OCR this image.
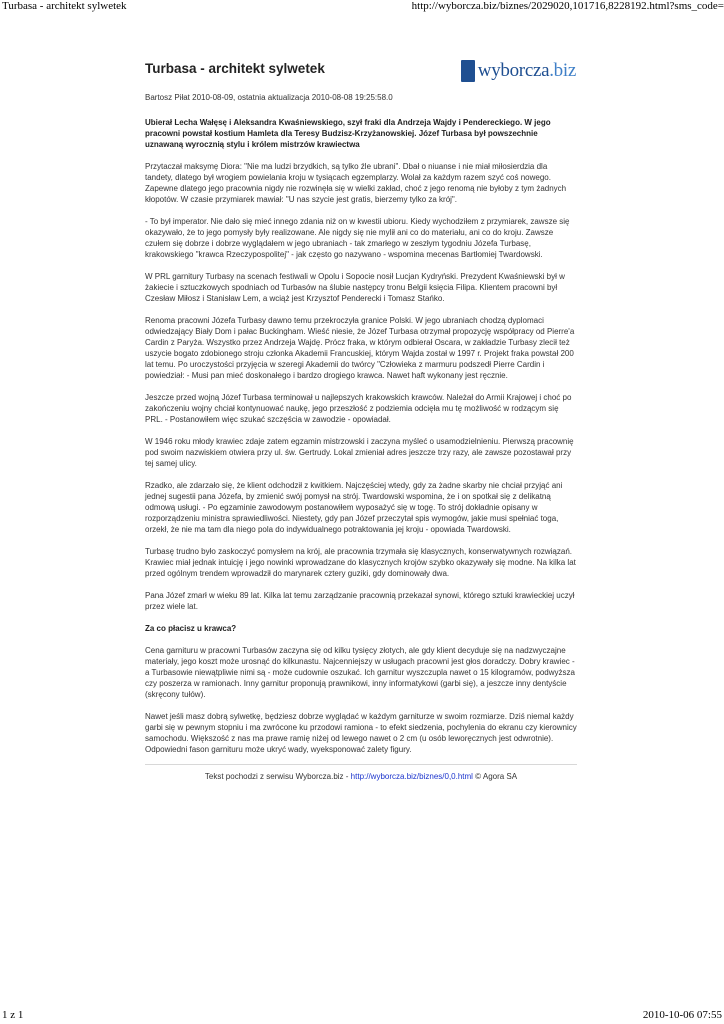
Turbasa - architekt sylwetek	http://wyborcza.biz/biznes/2029020,101716,8228192.html?sms_code=
Turbasa - architekt sylwetek	wyborcza.biz
Bartosz Piłat 2010-08-09, ostatnia aktualizacja 2010-08-08 19:25:58.0
Ubierał Lecha Wałęsę i Aleksandra Kwaśniewskiego, szył fraki dla Andrzeja Wajdy i Pendereckiego. W jego pracowni powstał kostium Hamleta dla Teresy Budzisz-Krzyżanowskiej. Józef Turbasa był powszechnie uznawaną wyrocznią stylu i królem mistrzów krawiectwa
Przytaczał maksymę Diora: "Nie ma ludzi brzydkich, są tylko źle ubrani". Dbał o niuanse i nie miał miłosierdzia dla tandety, dlatego był wrogiem powielania kroju w tysiącach egzemplarzy. Wolał za każdym razem szyć coś nowego. Zapewne dlatego jego pracownia nigdy nie rozwinęła się w wielki zakład, choć z jego renomą nie byłoby z tym żadnych kłopotów. W czasie przymiarek mawiał: "U nas szycie jest gratis, bierzemy tylko za krój".
- To był imperator. Nie dało się mieć innego zdania niż on w kwestii ubioru. Kiedy wychodziłem z przymiarek, zawsze się okazywało, że to jego pomysły były realizowane. Ale nigdy się nie mylił ani co do materiału, ani co do kroju. Zawsze czułem się dobrze i dobrze wyglądałem w jego ubraniach - tak zmarłego w zeszłym tygodniu Józefa Turbasę, krakowskiego "krawca Rzeczypospolitej" - jak często go nazywano - wspomina mecenas Bartłomiej Twardowski.
W PRL garnitury Turbasy na scenach festiwali w Opolu i Sopocie nosił Lucjan Kydryński. Prezydent Kwaśniewski był w żakiecie i sztuczkowych spodniach od Turbasów na ślubie następcy tronu Belgii księcia Filipa. Klientem pracowni był Czesław Miłosz i Stanisław Lem, a wciąż jest Krzysztof Penderecki i Tomasz Stańko.
Renoma pracowni Józefa Turbasy dawno temu przekroczyła granice Polski. W jego ubraniach chodzą dyplomaci odwiedzający Biały Dom i pałac Buckingham. Wieść niesie, że Józef Turbasa otrzymał propozycję współpracy od Pierre'a Cardin z Paryża. Wszystko przez Andrzeja Wajdę. Prócz fraka, w którym odbierał Oscara, w zakładzie Turbasy zlecił też uszycie bogato zdobionego stroju członka Akademii Francuskiej, którym Wajda został w 1997 r. Projekt fraka powstał 200 lat temu. Po uroczystości przyjęcia w szeregi Akademii do twórcy "Człowieka z marmuru podszedł Pierre Cardin i powiedział: - Musi pan mieć doskonałego i bardzo drogiego krawca. Nawet haft wykonany jest ręcznie.
Jeszcze przed wojną Józef Turbasa terminował u najlepszych krakowskich krawców. Należał do Armii Krajowej i choć po zakończeniu wojny chciał kontynuować naukę, jego przeszłość z podziemia odcięła mu tę możliwość w rodzącym się PRL. - Postanowiłem więc szukać szczęścia w zawodzie - opowiadał.
W 1946 roku młody krawiec zdaje zatem egzamin mistrzowski i zaczyna myśleć o usamodzielnieniu. Pierwszą pracownię pod swoim nazwiskiem otwiera przy ul. św. Gertrudy. Lokal zmieniał adres jeszcze trzy razy, ale zawsze pozostawał przy tej samej ulicy.
Rzadko, ale zdarzało się, że klient odchodził z kwitkiem. Najczęściej wtedy, gdy za żadne skarby nie chciał przyjąć ani jednej sugestii pana Józefa, by zmienić swój pomysł na strój. Twardowski wspomina, że i on spotkał się z delikatną odmową usługi. - Po egzaminie zawodowym postanowiłem wyposażyć się w togę. To strój dokładnie opisany w rozporządzeniu ministra sprawiedliwości. Niestety, gdy pan Józef przeczytał spis wymogów, jakie musi spełniać toga, orzekł, że nie ma tam dla niego pola do indywidualnego potraktowania jej kroju - opowiada Twardowski.
Turbasę trudno było zaskoczyć pomysłem na krój, ale pracownia trzymała się klasycznych, konserwatywnych rozwiązań. Krawiec miał jednak intuicję i jego nowinki wprowadzane do klasycznych krojów szybko okazywały się modne. Na kilka lat przed ogólnym trendem wprowadził do marynarek cztery guziki, gdy dominowały dwa.
Pana Józef zmarł w wieku 89 lat. Kilka lat temu zarządzanie pracownią przekazał synowi, którego sztuki krawieckiej uczył przez wiele lat.
Za co płacisz u krawca?
Cena garnituru w pracowni Turbasów zaczyna się od kilku tysięcy złotych, ale gdy klient decyduje się na nadzwyczajne materiały, jego koszt może urosnąć do kilkunastu. Najcenniejszy w usługach pracowni jest głos doradczy. Dobry krawiec - a Turbasowie niewątpliwie nimi są - może cudownie oszukać. Ich garnitur wyszczupla nawet o 15 kilogramów, podwyższa czy poszerza w ramionach. Inny garnitur proponują prawnikowi, inny informatykowi (garbi się), a jeszcze inny dentyście (skręcony tułów).
Nawet jeśli masz dobrą sylwetkę, będziesz dobrze wyglądać w każdym garniturze w swoim rozmiarze. Dziś niemal każdy garbi się w pewnym stopniu i ma zwrócone ku przodowi ramiona - to efekt siedzenia, pochylenia do ekranu czy kierownicy samochodu. Większość z nas ma prawe ramię niżej od lewego nawet o 2 cm (u osób leworęcznych jest odwrotnie). Odpowiedni fason garnituru może ukryć wady, wyeksponować zalety figury.
Tekst pochodzi z serwisu Wyborcza.biz - http://wyborcza.biz/biznes/0,0.html © Agora SA
1 z 1	2010-10-06 07:55
